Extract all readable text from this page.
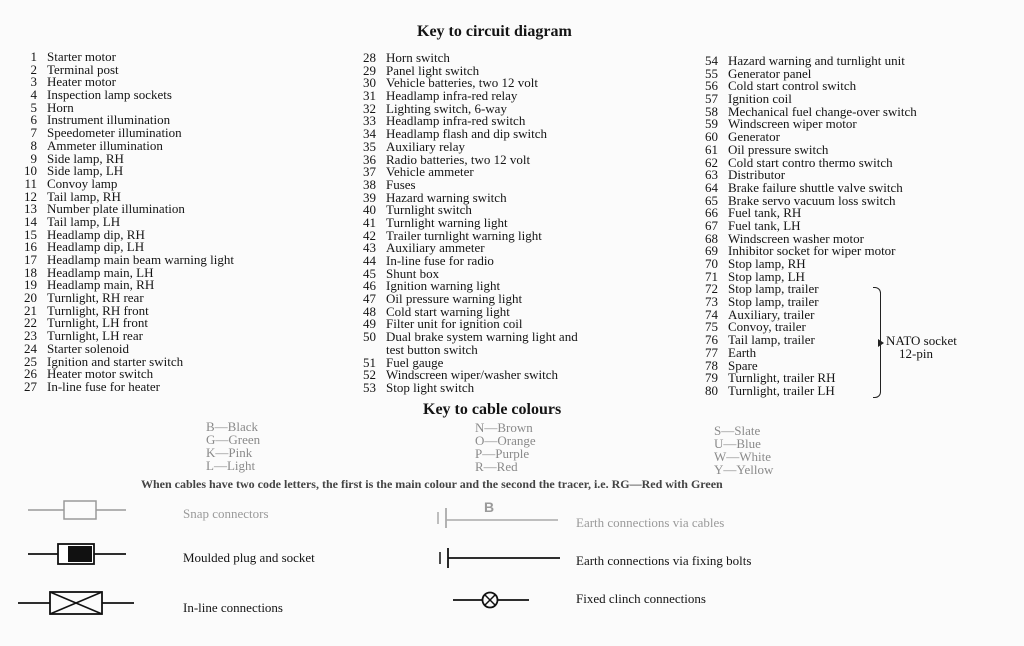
Key to circuit diagram
1 Starter motor
2 Terminal post
3 Heater motor
4 Inspection lamp sockets
5 Horn
6 Instrument illumination
7 Speedometer illumination
8 Ammeter illumination
9 Side lamp, RH
10 Side lamp, LH
11 Convoy lamp
12 Tail lamp, RH
13 Number plate illumination
14 Tail lamp, LH
15 Headlamp dip, RH
16 Headlamp dip, LH
17 Headlamp main beam warning light
18 Headlamp main, LH
19 Headlamp main, RH
20 Turnlight, RH rear
21 Turnlight, RH front
22 Turnlight, LH front
23 Turnlight, LH rear
24 Starter solenoid
25 Ignition and starter switch
26 Heater motor switch
27 In-line fuse for heater
28 Horn switch
29 Panel light switch
30 Vehicle batteries, two 12 volt
31 Headlamp infra-red relay
32 Lighting switch, 6-way
33 Headlamp infra-red switch
34 Headlamp flash and dip switch
35 Auxiliary relay
36 Radio batteries, two 12 volt
37 Vehicle ammeter
38 Fuses
39 Hazard warning switch
40 Turnlight switch
41 Turnlight warning light
42 Trailer turnlight warning light
43 Auxiliary ammeter
44 In-line fuse for radio
45 Shunt box
46 Ignition warning light
47 Oil pressure warning light
48 Cold start warning light
49 Filter unit for ignition coil
50 Dual brake system warning light and
test button switch
51 Fuel gauge
52 Windscreen wiper/washer switch
53 Stop light switch
54 Hazard warning and turnlight unit
55 Generator panel
56 Cold start control switch
57 Ignition coil
58 Mechanical fuel change-over switch
59 Windscreen wiper motor
60 Generator
61 Oil pressure switch
62 Cold start contro thermo switch
63 Distributor
64 Brake failure shuttle valve switch
65 Brake servo vacuum loss switch
66 Fuel tank, RH
67 Fuel tank, LH
68 Windscreen washer motor
69 Inhibitor socket for wiper motor
70 Stop lamp, RH
71 Stop lamp, LH
72 Stop lamp, trailer
73 Stop lamp, trailer
74 Auxiliary, trailer
75 Convoy, trailer
76 Tail lamp, trailer
77 Earth
78 Spare
79 Turnlight, trailer RH
80 Turnlight, trailer LH
NATO socket
12-pin
Key to cable colours
B—Black
G—Green
K—Pink
L—Light
N—Brown
O—Orange
P—Purple
R—Red
S—Slate
U—Blue
W—White
Y—Yellow
When cables have two code letters, the first is the main colour and the second the tracer, i.e. RG—Red with Green
Snap connectors
Moulded plug and socket
In-line connections
B
Earth connections via cables
Earth connections via fixing bolts
Fixed clinch connections
